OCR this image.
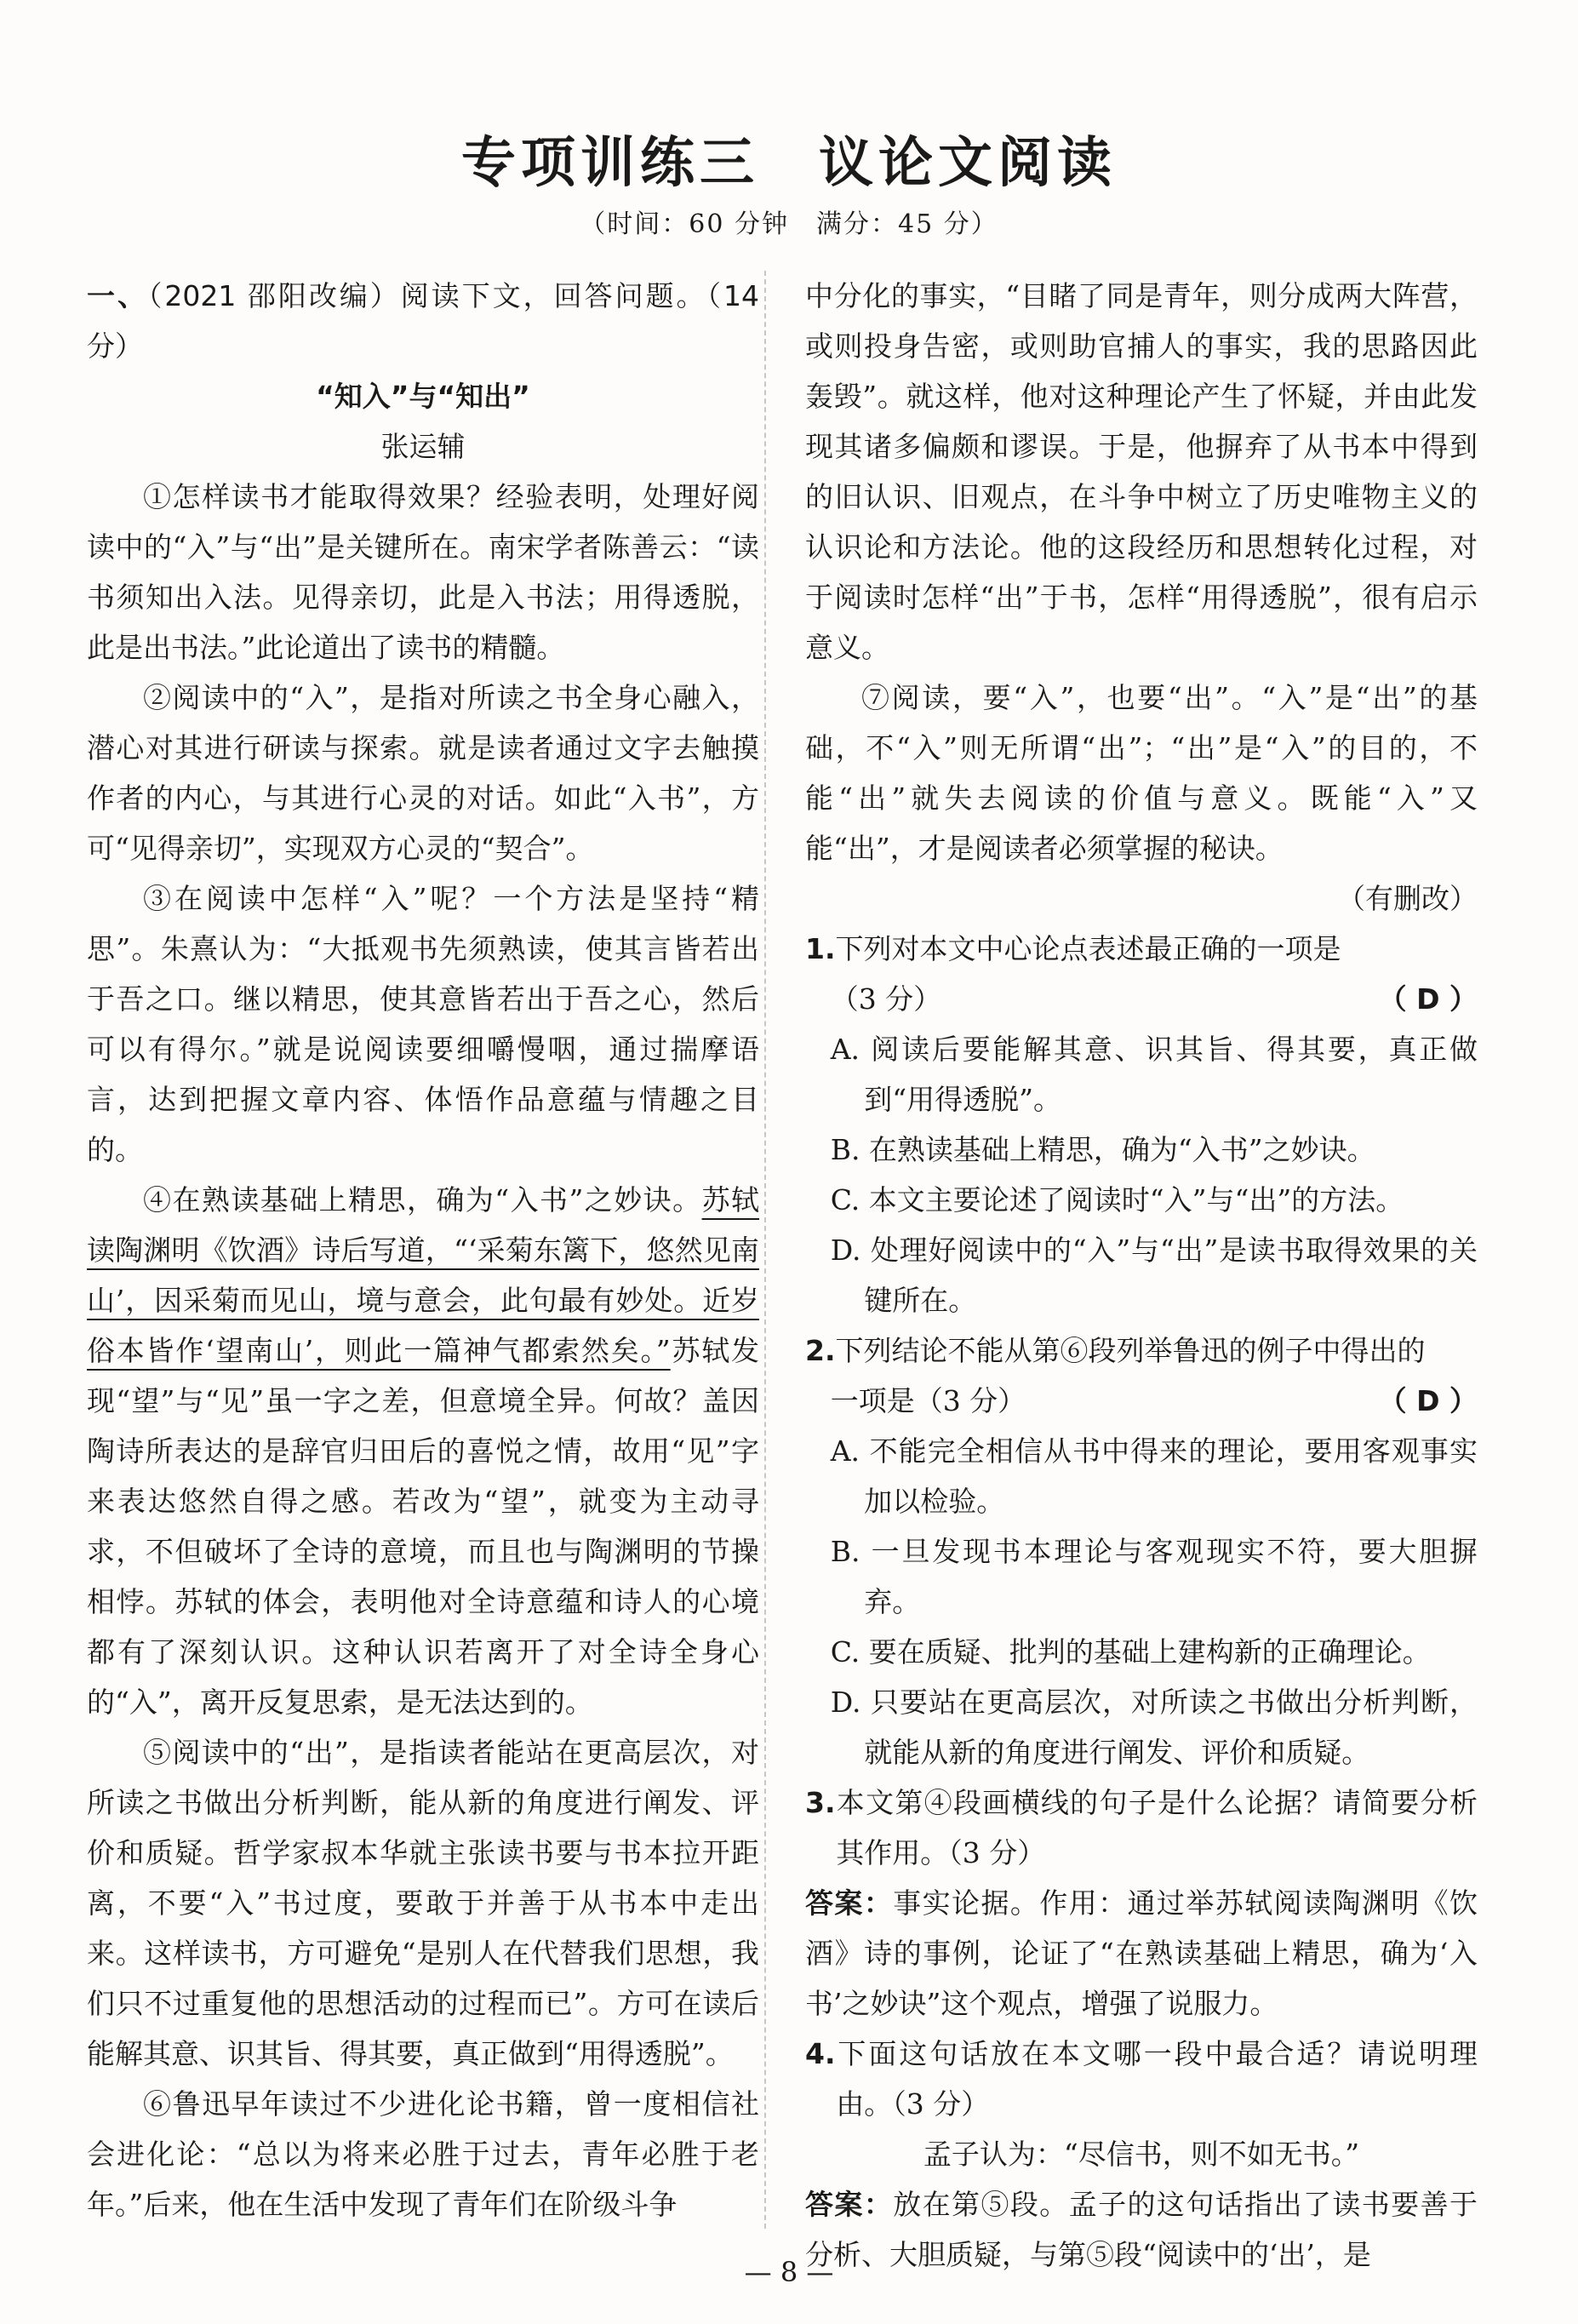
专项训练三 议论文阅读
（时间：60 分钟　满分：45 分）

一、（2021 邵阳改编）阅读下文，回答问题。（14 分）

“知入”与“知出”

张运辅

①怎样读书才能取得效果？经验表明，处理好阅读中的“入”与“出”是关键所在。南宋学者陈善云：“读书须知出入法。见得亲切，此是入书法；用得透脱，此是出书法。”此论道出了读书的精髓。

②阅读中的“入”，是指对所读之书全身心融入，潜心对其进行研读与探索。就是读者通过文字去触摸作者的内心，与其进行心灵的对话。如此“入书”，方可“见得亲切”，实现双方心灵的“契合”。

③在阅读中怎样“入”呢？一个方法是坚持“精思”。朱熹认为：“大抵观书先须熟读，使其言皆若出于吾之口。继以精思，使其意皆若出于吾之心，然后可以有得尔。”就是说阅读要细嚼慢咽，通过揣摩语言，达到把握文章内容、体悟作品意蕴与情趣之目的。

④在熟读基础上精思，确为“入书”之妙诀。苏轼读陶渊明《饮酒》诗后写道，“‘采菊东篱下，悠然见南山’，因采菊而见山，境与意会，此句最有妙处。近岁俗本皆作‘望南山’，则此一篇神气都索然矣。”苏轼发现“望”与“见”虽一字之差，但意境全异。何故？盖因陶诗所表达的是辞官归田后的喜悦之情，故用“见”字来表达悠然自得之感。若改为“望”，就变为主动寻求，不但破坏了全诗的意境，而且也与陶渊明的节操相悖。苏轼的体会，表明他对全诗意蕴和诗人的心境都有了深刻认识。这种认识若离开了对全诗全身心的“入”，离开反复思索，是无法达到的。

⑤阅读中的“出”，是指读者能站在更高层次，对所读之书做出分析判断，能从新的角度进行阐发、评价和质疑。哲学家叔本华就主张读书要与书本拉开距离，不要“入”书过度，要敢于并善于从书本中走出来。这样读书，方可避免“是别人在代替我们思想，我们只不过重复他的思想活动的过程而已”。方可在读后能解其意、识其旨、得其要，真正做到“用得透脱”。

⑥鲁迅早年读过不少进化论书籍，曾一度相信社会进化论：“总以为将来必胜于过去，青年必胜于老年。”后来，他在生活中发现了青年们在阶级斗争

中分化的事实，“目睹了同是青年，则分成两大阵营，或则投身告密，或则助官捕人的事实，我的思路因此轰毁”。就这样，他对这种理论产生了怀疑，并由此发现其诸多偏颇和谬误。于是，他摒弃了从书本中得到的旧认识、旧观点，在斗争中树立了历史唯物主义的认识论和方法论。他的这段经历和思想转化过程，对于阅读时怎样“出”于书，怎样“用得透脱”，很有启示意义。

⑦阅读，要“入”，也要“出”。“入”是“出”的基础，不“入”则无所谓“出”；“出”是“入”的目的，不能“出”就失去阅读的价值与意义。既能“入”又能“出”，才是阅读者必须掌握的秘诀。

（有删改）

1.下列对本文中心论点表述最正确的一项是

（3 分）	（ D ）

A. 阅读后要能解其意、识其旨、得其要，真正做到“用得透脱”。

B. 在熟读基础上精思，确为“入书”之妙诀。

C. 本文主要论述了阅读时“入”与“出”的方法。

D. 处理好阅读中的“入”与“出”是读书取得效果的关键所在。

2.下列结论不能从第⑥段列举鲁迅的例子中得出的

一项是（3 分）	（ D ）

A. 不能完全相信从书中得来的理论，要用客观事实加以检验。

B. 一旦发现书本理论与客观现实不符，要大胆摒弃。

C. 要在质疑、批判的基础上建构新的正确理论。

D. 只要站在更高层次，对所读之书做出分析判断，就能从新的角度进行阐发、评价和质疑。

3.本文第④段画横线的句子是什么论据？请简要分析其作用。（3 分）

答案：事实论据。作用：通过举苏轼阅读陶渊明《饮酒》诗的事例，论证了“在熟读基础上精思，确为‘入书’之妙诀”这个观点，增强了说服力。

4.下面这句话放在本文哪一段中最合适？请说明理由。（3 分）

孟子认为：“尽信书，则不如无书。”

答案：放在第⑤段。孟子的这句话指出了读书要善于分析、大胆质疑，与第⑤段“阅读中的‘出’，是

— 8 —
